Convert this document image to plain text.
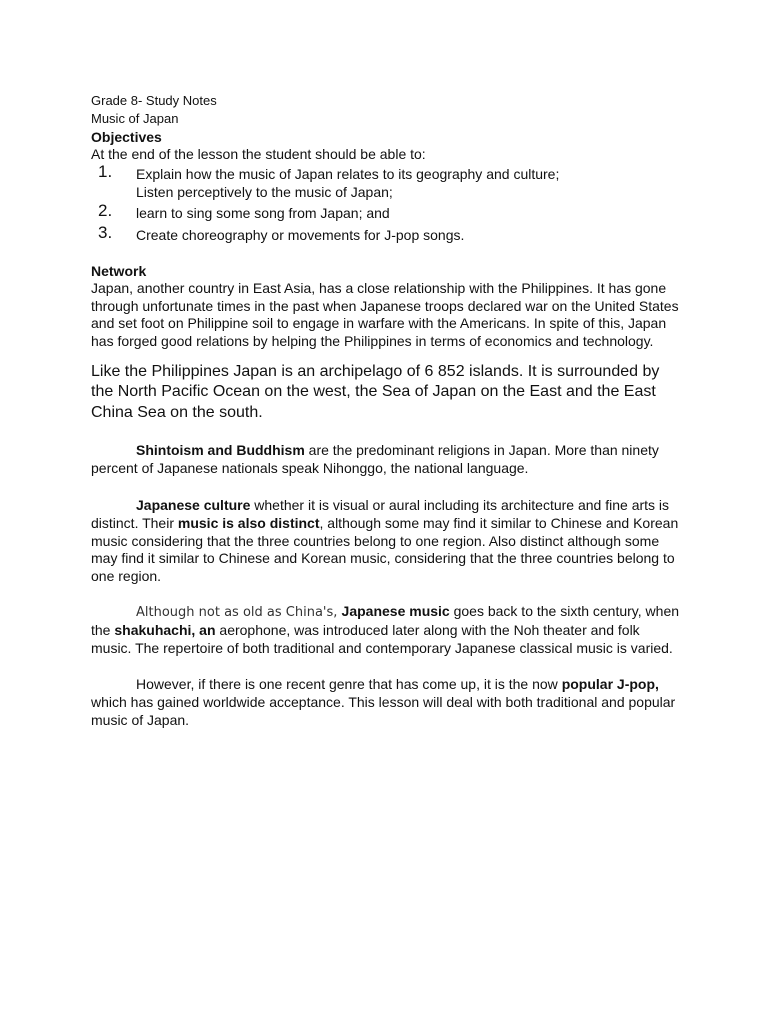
Grade 8- Study Notes
Music of Japan
Objectives
At the end of the lesson the student should be able to:
1. Explain how the music of Japan relates to its geography and culture;
Listen perceptively to the music of Japan;
2. learn to sing some song from Japan; and
3. Create choreography or movements for J-pop songs.
Network

Japan, another country in East Asia, has a close relationship with the Philippines. It has gone through unfortunate times in the past when Japanese troops declared war on the United States and set foot on Philippine soil to engage in warfare with the Americans. In spite of this, Japan has forged good relations by helping the Philippines in terms of economics and technology.

Like the Philippines Japan is an archipelago of 6 852 islands. It is surrounded by the North Pacific Ocean on the west, the Sea of Japan on the East and the East China Sea on the south.

Shintoism and Buddhism are the predominant religions in Japan. More than ninety percent of Japanese nationals speak Nihonggo, the national language.

Japanese culture whether it is visual or aural including its architecture and fine arts is distinct. Their music is also distinct, although some may find it similar to Chinese and Korean music considering that the three countries belong to one region. Also distinct although some may find it similar to Chinese and Korean music, considering that the three countries belong to one region.

Although not as old as China's, Japanese music goes back to the sixth century, when the shakuhachi, an aerophone, was introduced later along with the Noh theater and folk music. The repertoire of both traditional and contemporary Japanese classical music is varied.

However, if there is one recent genre that has come up, it is the now popular J-pop, which has gained worldwide acceptance. This lesson will deal with both traditional and popular music of Japan.
